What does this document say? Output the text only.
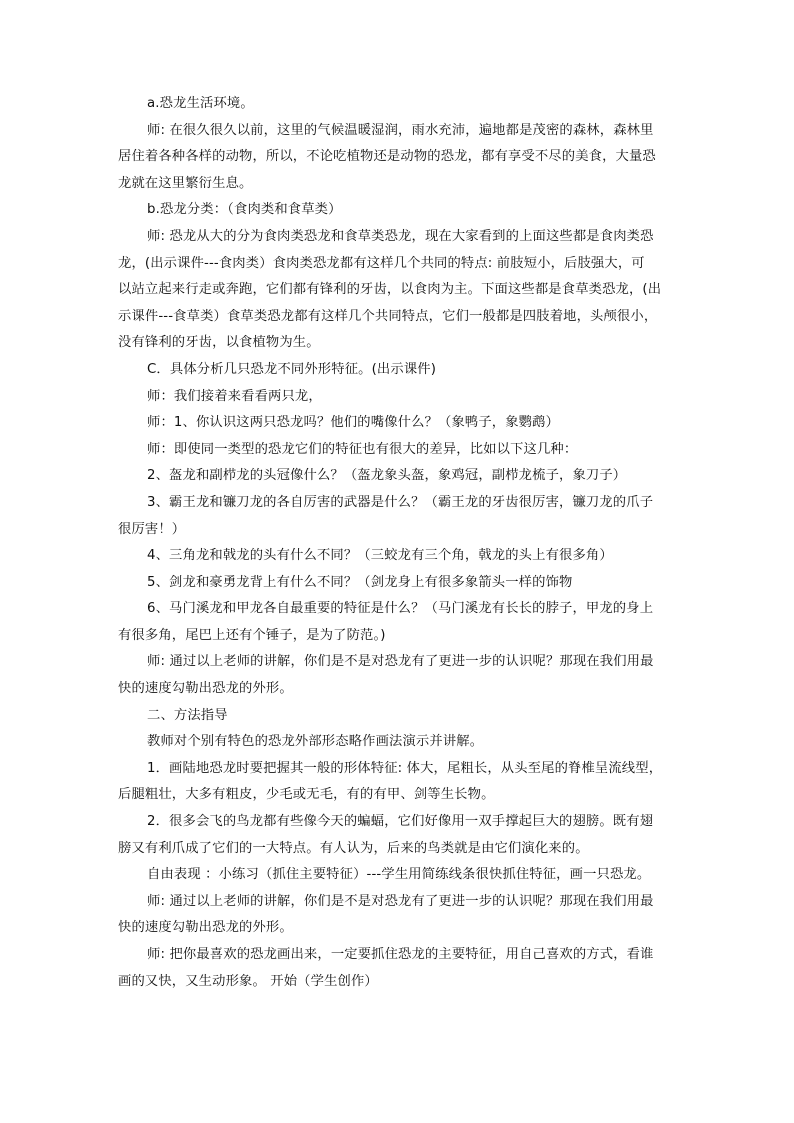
a.恐龙生活环境。
师: 在很久很久以前，这里的气候温暖湿润，雨水充沛，遍地都是茂密的森林，森林里
居住着各种各样的动物，所以，不论吃植物还是动物的恐龙，都有享受不尽的美食，大量恐
龙就在这里繁衍生息。
b.恐龙分类：（食肉类和食草类）
师: 恐龙从大的分为食肉类恐龙和食草类恐龙，现在大家看到的上面这些都是食肉类恐
龙，(出示课件---食肉类）食肉类恐龙都有这样几个共同的特点: 前肢短小，后肢强大，可
以站立起来行走或奔跑，它们都有锋利的牙齿，以食肉为主。下面这些都是食草类恐龙，(出
示课件---食草类）食草类恐龙都有这样几个共同特点，它们一般都是四肢着地，头颅很小，
没有锋利的牙齿，以食植物为生。
C．具体分析几只恐龙不同外形特征。(出示课件)
师：我们接着来看看两只龙，
师：1、你认识这两只恐龙吗？他们的嘴像什么？（象鸭子，象鹦鹉）
师：即使同一类型的恐龙它们的特征也有很大的差异，比如以下这几种：
2、盔龙和副栉龙的头冠像什么？（盔龙象头盔，象鸡冠，副栉龙梳子，象刀子）
3、霸王龙和镰刀龙的各自厉害的武器是什么？（霸王龙的牙齿很厉害，镰刀龙的爪子
很厉害！）
4、三角龙和戟龙的头有什么不同？（三蛟龙有三个角，戟龙的头上有很多角）
5、剑龙和豪勇龙背上有什么不同？（剑龙身上有很多象箭头一样的饰物
6、马门溪龙和甲龙各自最重要的特征是什么？（马门溪龙有长长的脖子，甲龙的身上
有很多角，尾巴上还有个锤子，是为了防范。)
师: 通过以上老师的讲解，你们是不是对恐龙有了更进一步的认识呢？那现在我们用最
快的速度勾勒出恐龙的外形。
二、方法指导
教师对个别有特色的恐龙外部形态略作画法演示并讲解。
1．画陆地恐龙时要把握其一般的形体特征: 体大，尾粗长，从头至尾的脊椎呈流线型，
后腿粗壮，大多有粗皮，少毛或无毛，有的有甲、剑等生长物。
2．很多会飞的鸟龙都有些像今天的蝙蝠，它们好像用一双手撑起巨大的翅膀。既有翅
膀又有利爪成了它们的一大特点。有人认为，后来的鸟类就是由它们演化来的。
自由表现 ：小练习（抓住主要特征）---学生用简练线条很快抓住特征，画一只恐龙。
师: 通过以上老师的讲解，你们是不是对恐龙有了更进一步的认识呢？那现在我们用最
快的速度勾勒出恐龙的外形。
师: 把你最喜欢的恐龙画出来，一定要抓住恐龙的主要特征，用自己喜欢的方式，看谁
画的又快，又生动形象。 开始（学生创作）
